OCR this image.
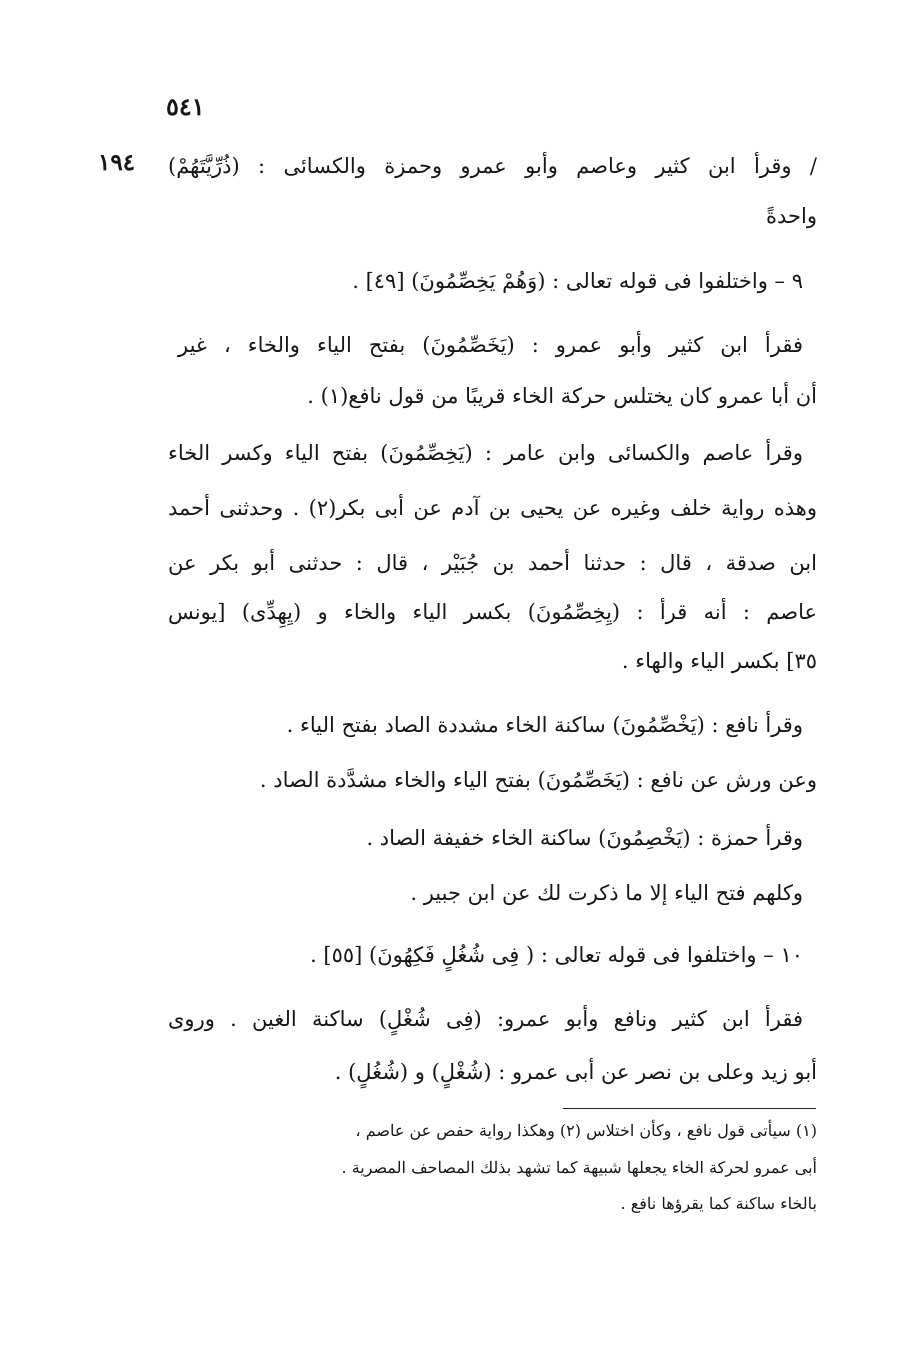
٥٤١
١٩٤ / وقرأ ابن كثير وعاصم وأبو عمرو وحمزة والكسائى : (ذُرِّيَّتَهُمْ)
واحدةً
٩ – واختلفوا فى قوله تعالى : (وَهُمْ يَخِصِّمُونَ) [٤٩] .
فقرأ ابن كثير وأبو عمرو : (يَخَصِّمُونَ) بفتح الياء والخاء ، غير
أن أبا عمرو كان يختلس حركة الخاء قريبًا من قول نافع(١) .
وقرأ عاصم والكسائى وابن عامر : (يَخِصِّمُونَ) بفتح الياء وكسر الخاء
وهذه رواية خلف وغيره عن يحيى بن آدم عن أبى بكر(٢) . وحدثنى أحمد
ابن صدقة ، قال : حدثنا أحمد بن جُبَيْر ، قال : حدثنى أبو بكر عن
عاصم : أنه قرأ : (يِخِصِّمُونَ) بكسر الياء والخاء و (يِهِدِّى) [يونس
٣٥] بكسر الياء والهاء .
وقرأ نافع : (يَخْصِّمُونَ) ساكنة الخاء مشددة الصاد بفتح الياء .
وعن ورش عن نافع : (يَخَصِّمُونَ) بفتح الياء والخاء مشدَّدة الصاد .
وقرأ حمزة : (يَخْصِمُونَ) ساكنة الخاء خفيفة الصاد .
وكلهم فتح الياء إلا ما ذكرت لك عن ابن جبير .
١٠ – واختلفوا فى قوله تعالى : ( فِى شُغُلٍ فَكِهُونَ) [٥٥] .
فقرأ ابن كثير ونافع وأبو عمرو: (فِى شُغْلٍ) ساكنة الغين . وروى
أبو زيد وعلى بن نصر عن أبى عمرو : (شُغْلٍ) و (شُغُلٍ) .
(١) سيأتى قول نافع ، وكأن اختلاس (٢) وهكذا رواية حفص عن عاصم ،
أبى عمرو لحركة الخاء يجعلها شبيهة كما تشهد بذلك المصاحف المصرية .
بالخاء ساكنة كما يقرؤها نافع .
